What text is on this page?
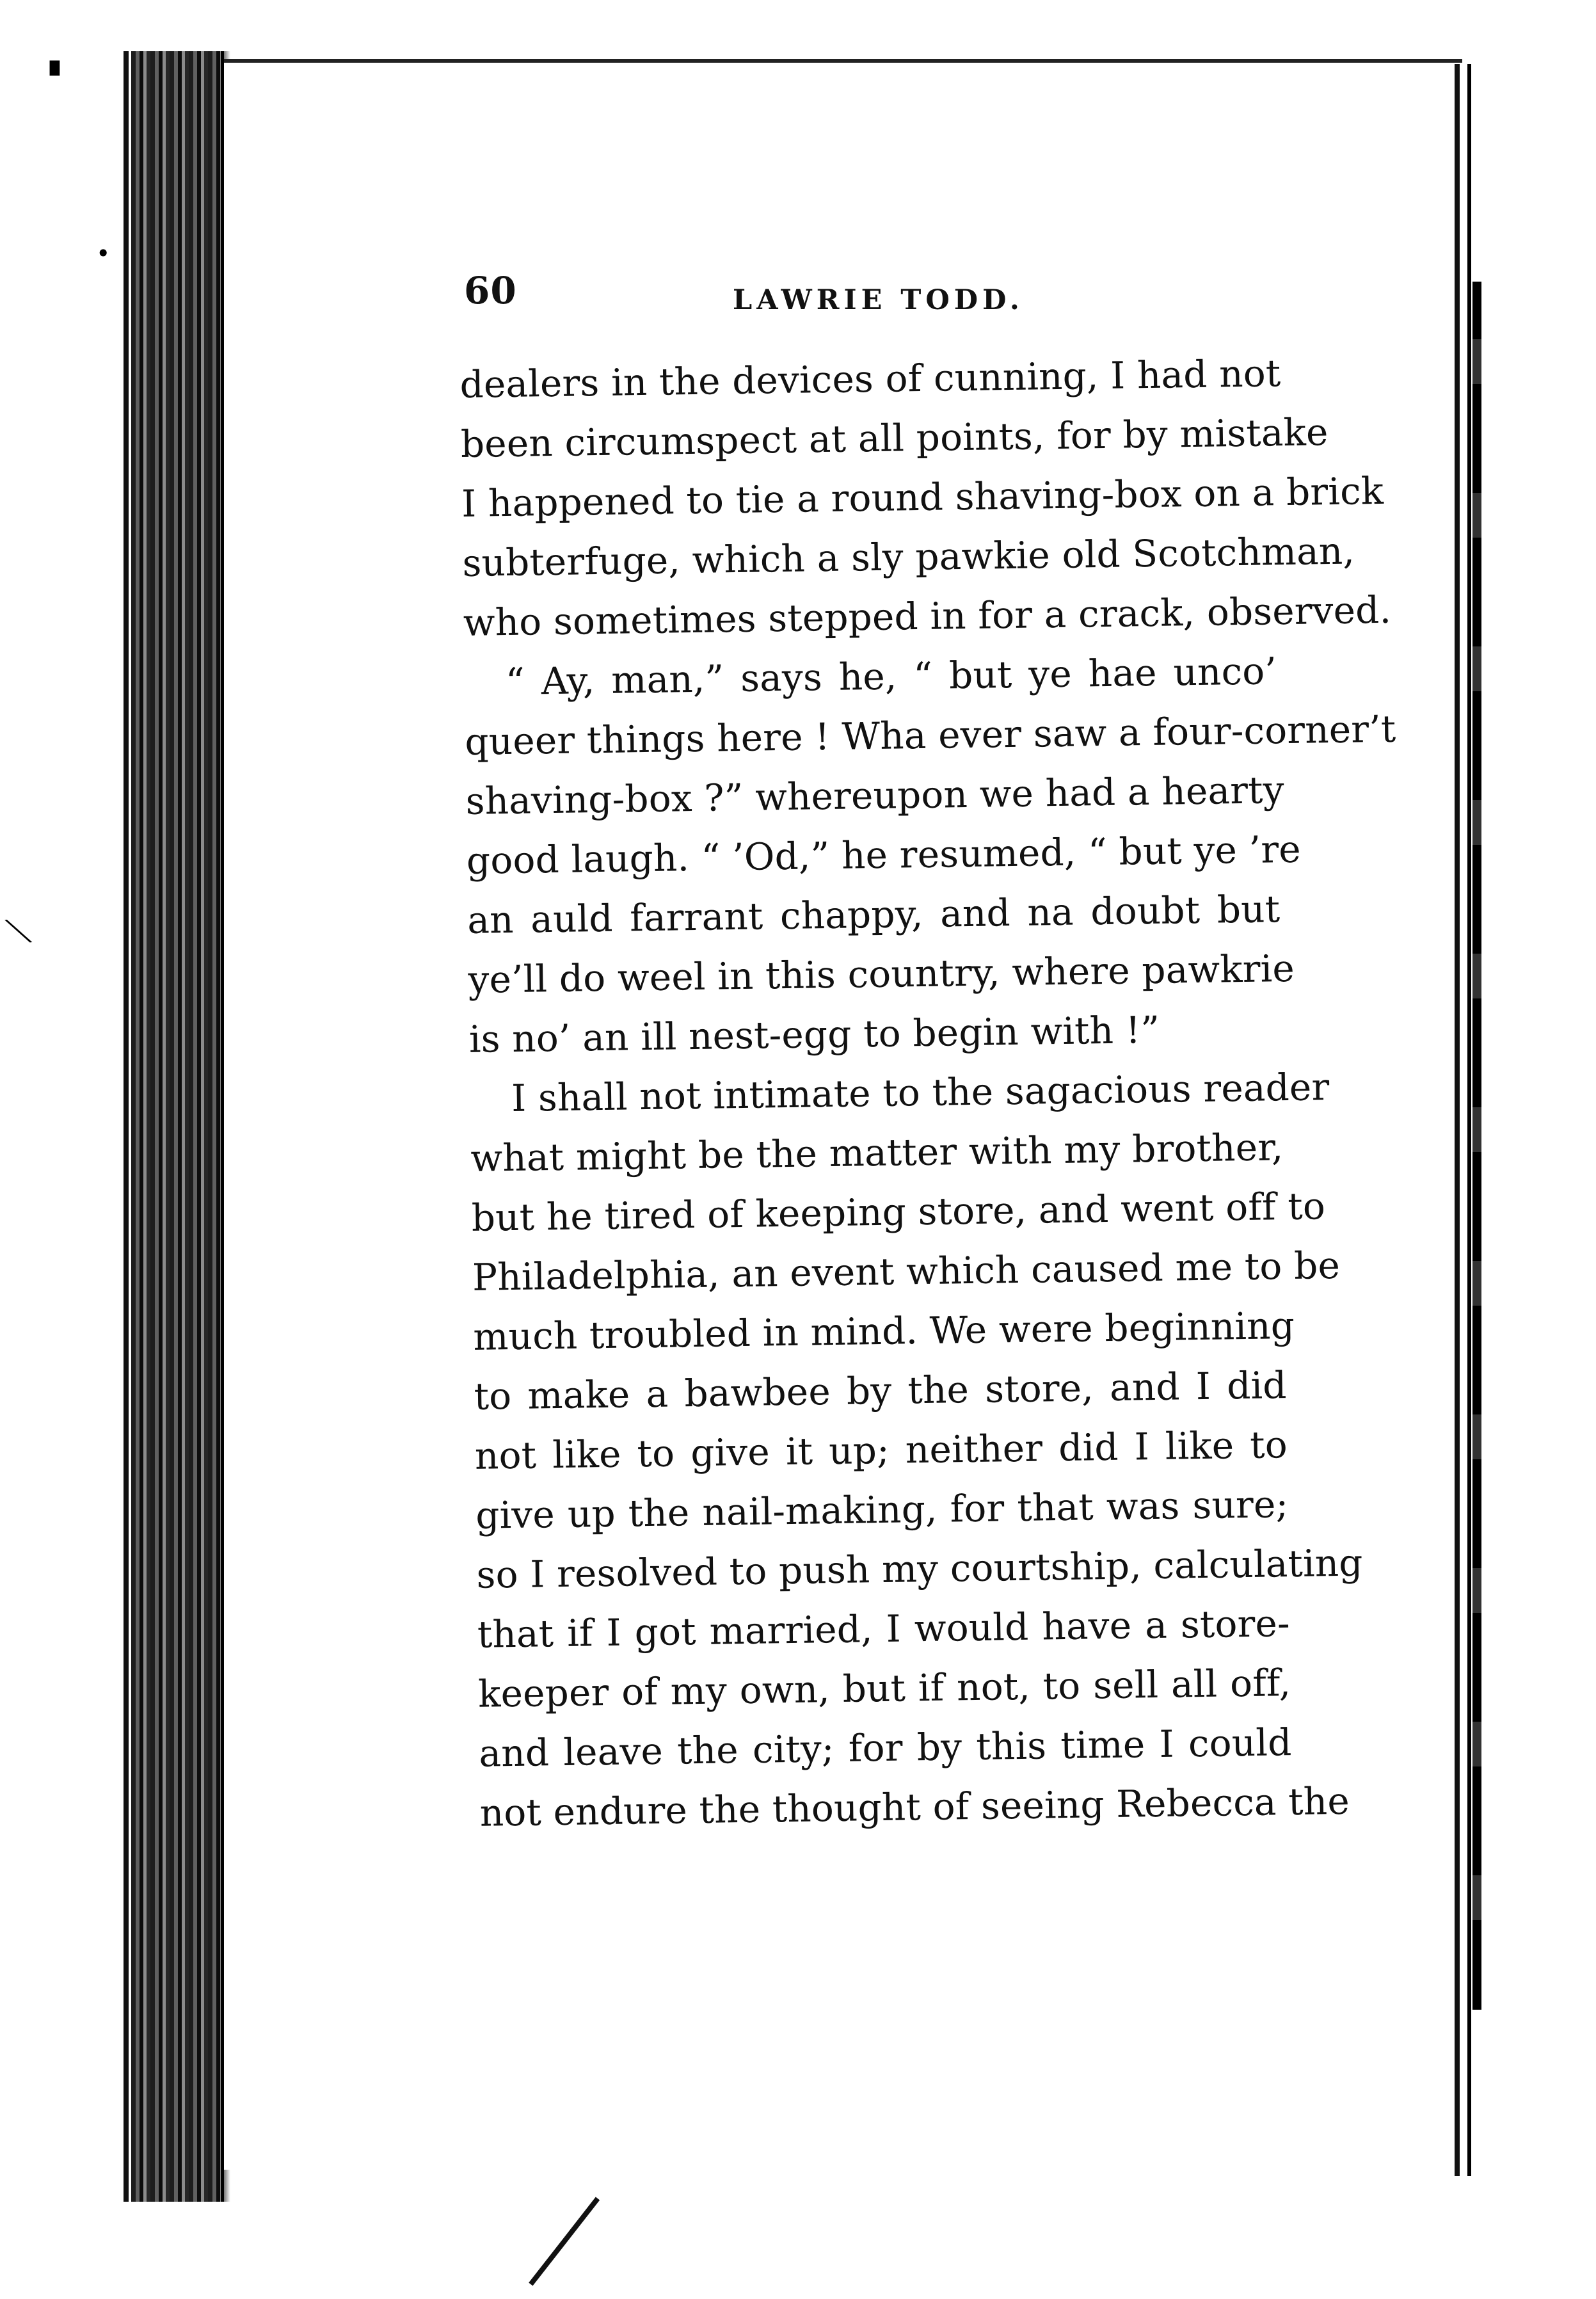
▘
•
⟍
60	LAWRIE TODD.
dealers in the devices of cunning, I had not
been circumspect at all points, for by mistake
I happened to tie a round shaving-box on a brick
subterfuge, which a sly pawkie old Scotchman,
who sometimes stepped in for a crack, observed.
“ Ay, man,” says he, “ but ye hae unco’
queer things here ! Wha ever saw a four-corner’t
shaving-box ?” whereupon we had a hearty
good laugh. “ ’Od,” he resumed, “ but ye ’re
an auld farrant chappy, and na doubt but
ye’ll do weel in this country, where pawkrie
is no’ an ill nest-egg to begin with !”
I shall not intimate to the sagacious reader
what might be the matter with my brother,
but he tired of keeping store, and went off to
Philadelphia, an event which caused me to be
much troubled in mind. We were beginning
to make a bawbee by the store, and I did
not like to give it up; neither did I like to
give up the nail-making, for that was sure;
so I resolved to push my courtship, calculating
that if I got married, I would have a store-
keeper of my own, but if not, to sell all off,
and leave the city; for by this time I could
not endure the thought of seeing Rebecca the
